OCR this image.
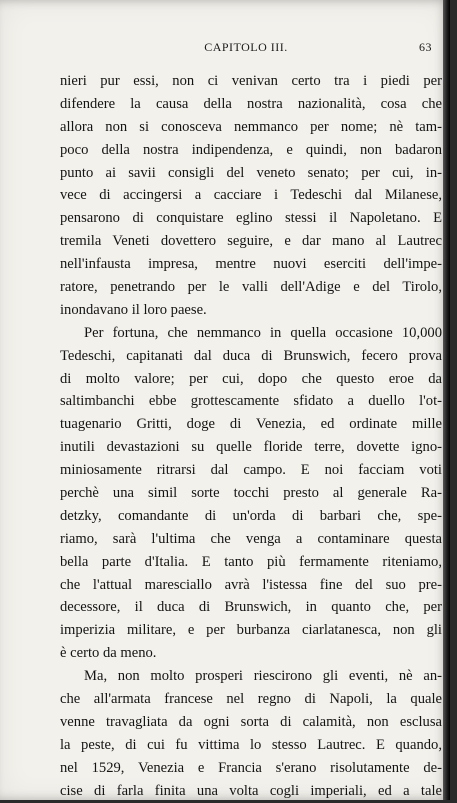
CAPITOLO III.	63
nieri pur essi, non ci venivan certo tra i piedi per
difendere la causa della nostra nazionalità, cosa che
allora non si conosceva nemmanco per nome; nè tam-
poco della nostra indipendenza, e quindi, non badaron
punto ai savii consigli del veneto senato; per cui, in-
vece di accingersi a cacciare i Tedeschi dal Milanese,
pensarono di conquistare eglino stessi il Napoletano. E
tremila Veneti dovettero seguire, e dar mano al Lautrec
nell'infausta impresa, mentre nuovi eserciti dell'impe-
ratore, penetrando per le valli dell'Adige e del Tirolo,
inondavano il loro paese.
Per fortuna, che nemmanco in quella occasione 10,000
Tedeschi, capitanati dal duca di Brunswich, fecero prova
di molto valore; per cui, dopo che questo eroe da
saltimbanchi ebbe grottescamente sfidato a duello l'ot-
tuagenario Gritti, doge di Venezia, ed ordinate mille
inutili devastazioni su quelle floride terre, dovette igno-
miniosamente ritrarsi dal campo. E noi facciam voti
perchè una simil sorte tocchi presto al generale Ra-
detzky, comandante di un'orda di barbari che, spe-
riamo, sarà l'ultima che venga a contaminare questa
bella parte d'Italia. E tanto più fermamente riteniamo,
che l'attual maresciallo avrà l'istessa fine del suo pre-
decessore, il duca di Brunswich, in quanto che, per
imperizia militare, e per burbanza ciarlatanesca, non gli
è certo da meno.
Ma, non molto prosperi riescirono gli eventi, nè an-
che all'armata francese nel regno di Napoli, la quale
venne travagliata da ogni sorta di calamità, non esclusa
la peste, di cui fu vittima lo stesso Lautrec. E quando,
nel 1529, Venezia e Francia s'erano risolutamente de-
cise di farla finita una volta cogli imperiali, ed a tale
